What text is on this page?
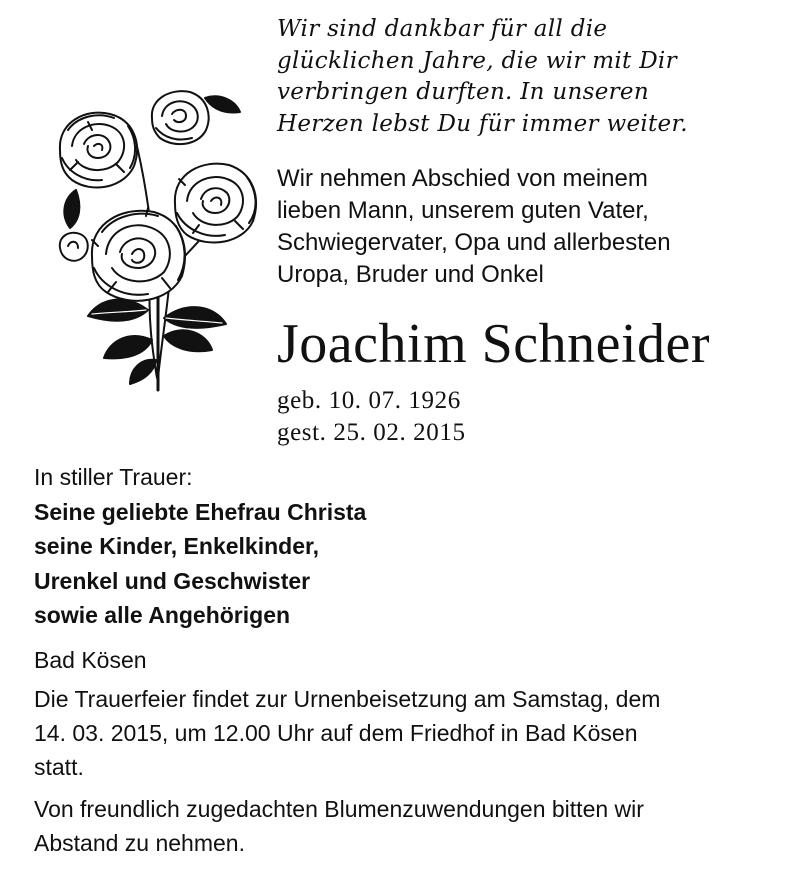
Wir sind dankbar für all die
glücklichen Jahre, die wir mit Dir
verbringen durften. In unseren
Herzen lebst Du für immer weiter.
Wir nehmen Abschied von meinem
lieben Mann, unserem guten Vater,
Schwiegervater, Opa und allerbesten
Uropa, Bruder und Onkel
Joachim Schneider
geb. 10. 07. 1926
gest. 25. 02. 2015
In stiller Trauer:
Seine geliebte Ehefrau Christa
seine Kinder, Enkelkinder,
Urenkel und Geschwister
sowie alle Angehörigen
Bad Kösen
Die Trauerfeier findet zur Urnenbeisetzung am Samstag, dem
14. 03. 2015, um 12.00 Uhr auf dem Friedhof in Bad Kösen
statt.
Von freundlich zugedachten Blumenzuwendungen bitten wir
Abstand zu nehmen.
